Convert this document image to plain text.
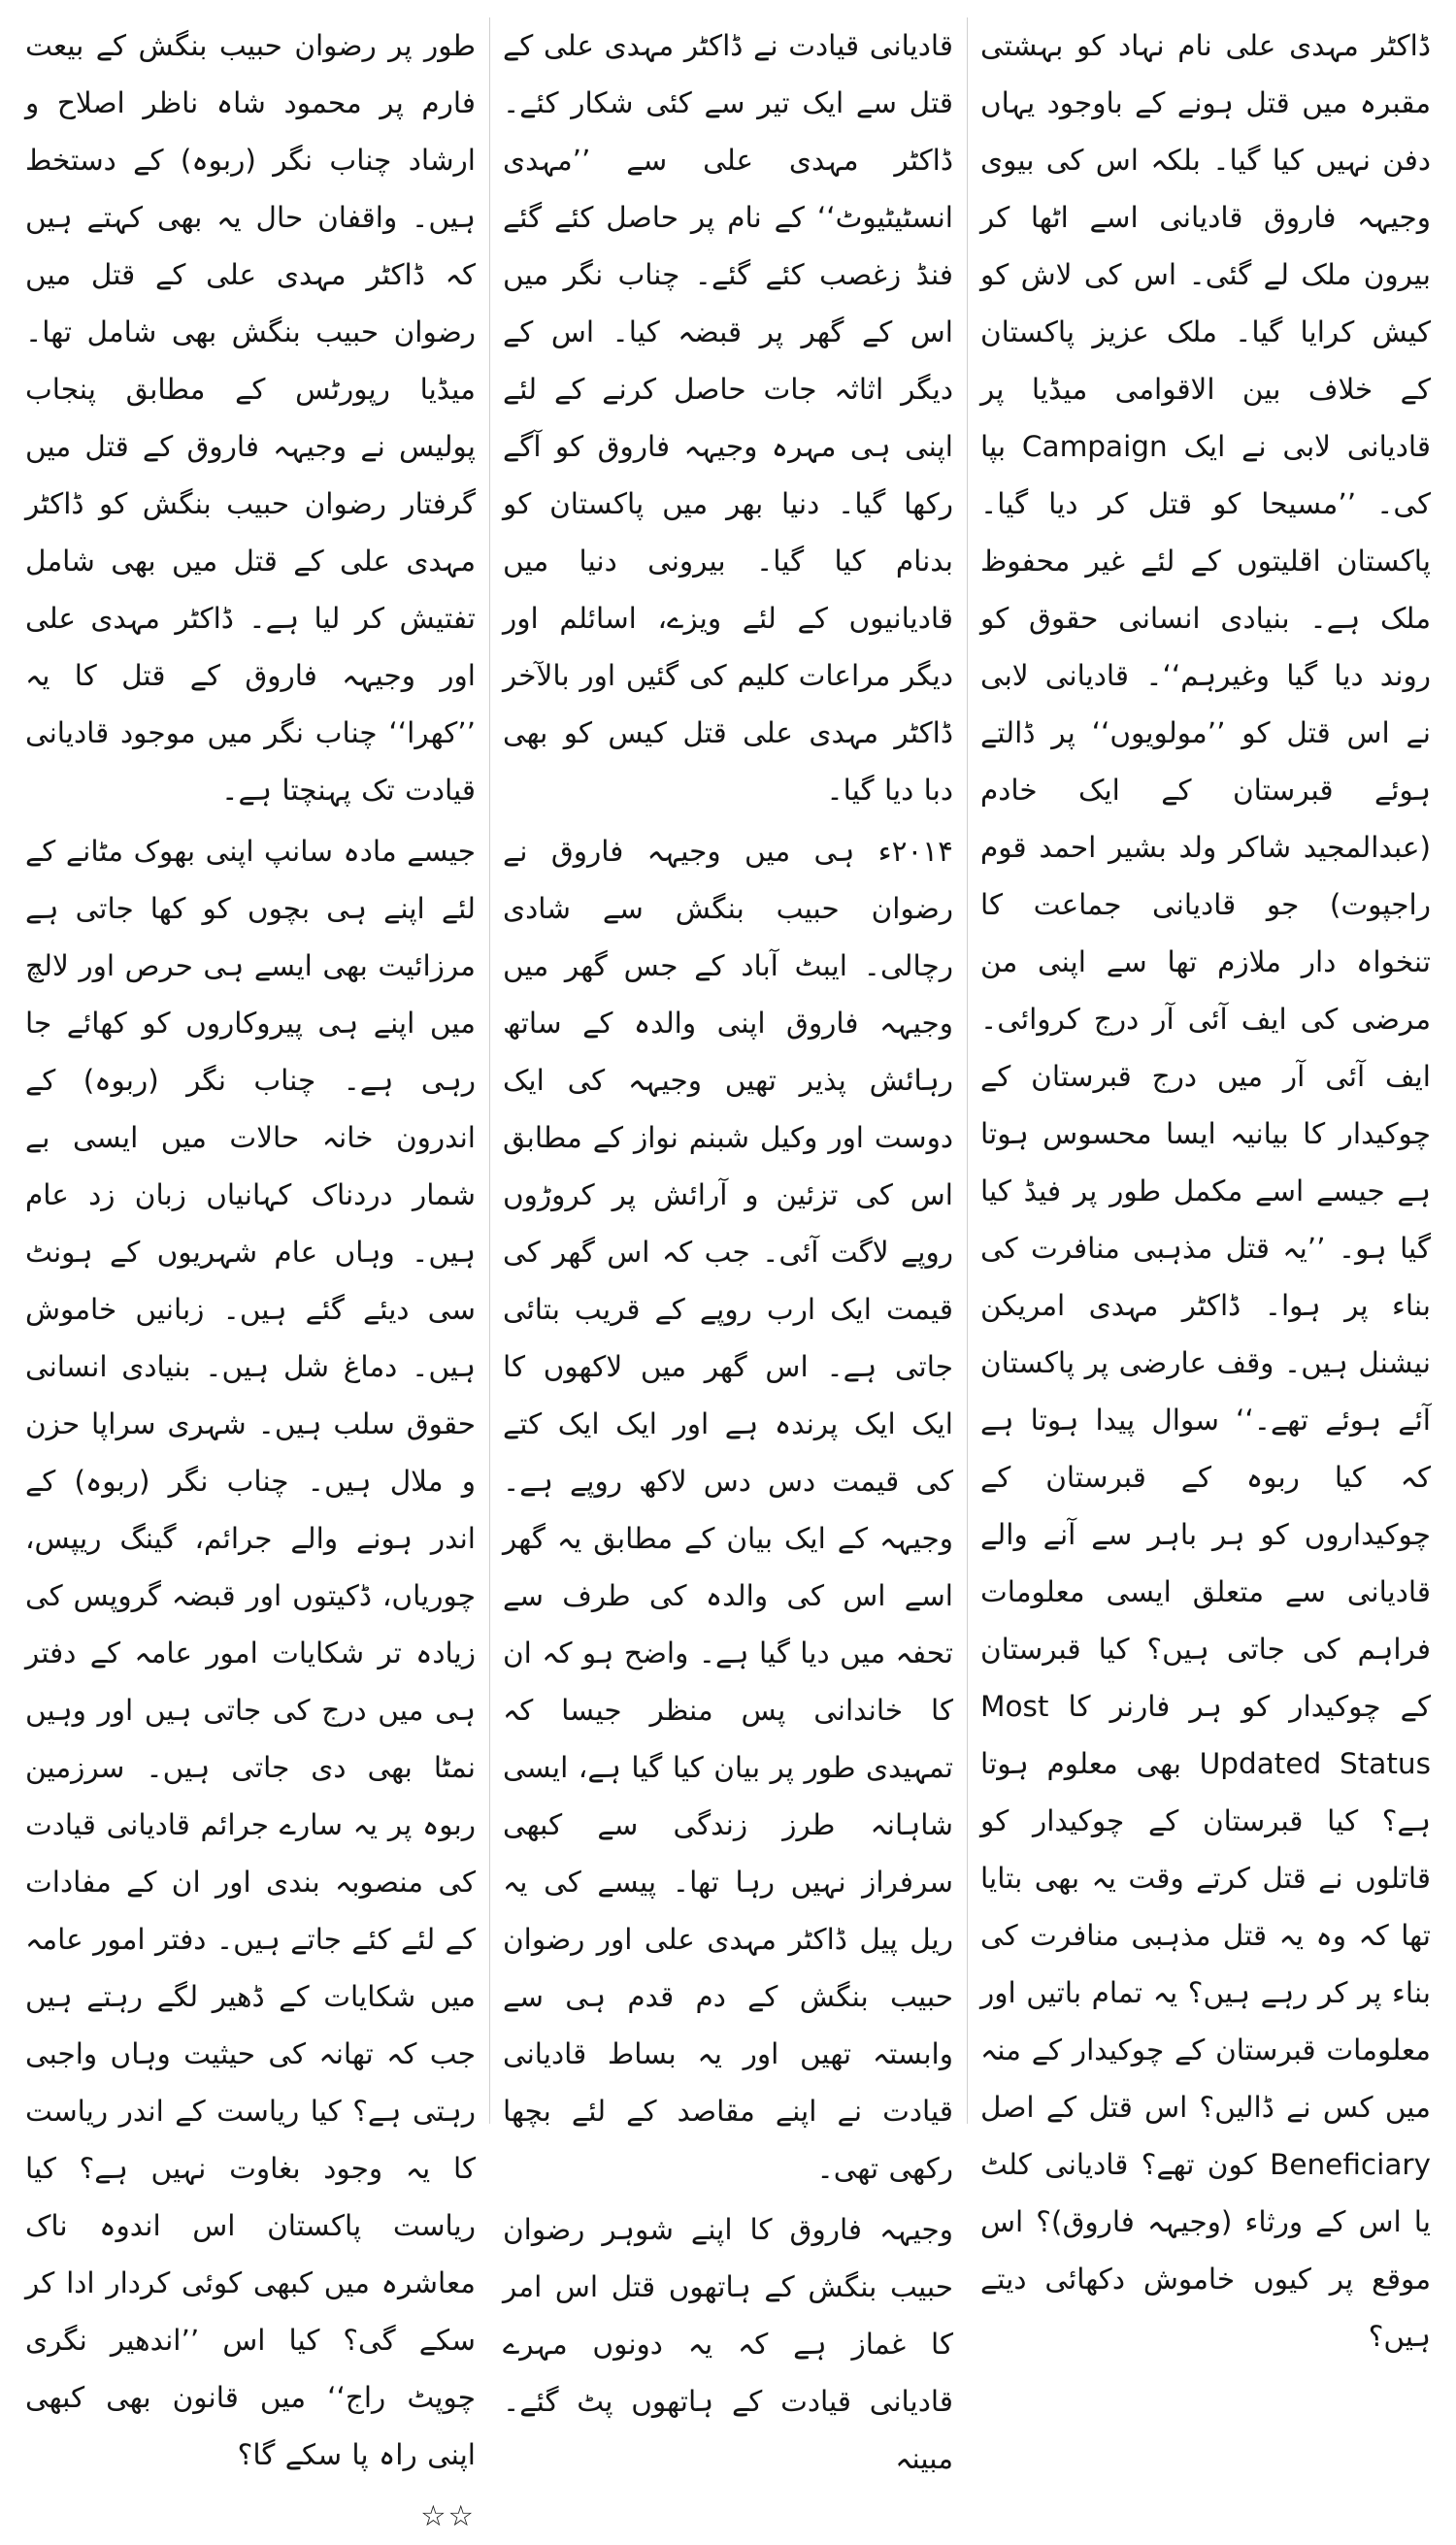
ڈاکٹر مہدی علی نام نہاد کو بہشتی مقبرہ میں قتل ہونے کے باوجود یہاں دفن نہیں کیا گیا۔ بلکہ اس کی بیوی وجیہہ فاروق قادیانی اسے اٹھا کر بیرون ملک لے گئی۔ اس کی لاش کو کیش کرایا گیا۔ ملک عزیز پاکستان کے خلاف بین الاقوامی میڈیا پر قادیانی لابی نے ایک Campaign بپا کی۔ ’’مسیحا کو قتل کر دیا گیا۔ پاکستان اقلیتوں کے لئے غیر محفوظ ملک ہے۔ بنیادی انسانی حقوق کو روند دیا گیا وغیرہم‘‘۔ قادیانی لابی نے اس قتل کو ’’مولویوں‘‘ پر ڈالتے ہوئے قبرستان کے ایک خادم (عبدالمجید شاکر ولد بشیر احمد قوم راجپوت) جو قادیانی جماعت کا تنخواہ دار ملازم تھا سے اپنی من مرضی کی ایف آئی آر درج کروائی۔ ایف آئی آر میں درج قبرستان کے چوکیدار کا بیانیہ ایسا محسوس ہوتا ہے جیسے اسے مکمل طور پر فیڈ کیا گیا ہو۔ ’’یہ قتل مذہبی منافرت کی بناء پر ہوا۔ ڈاکٹر مہدی امریکن نیشنل ہیں۔ وقف عارضی پر پاکستان آئے ہوئے تھے۔‘‘ سوال پیدا ہوتا ہے کہ کیا ربوہ کے قبرستان کے چوکیداروں کو ہر باہر سے آنے والے قادیانی سے متعلق ایسی معلومات فراہم کی جاتی ہیں؟ کیا قبرستان کے چوکیدار کو ہر فارنر کا Most Updated Status بھی معلوم ہوتا ہے؟ کیا قبرستان کے چوکیدار کو قاتلوں نے قتل کرتے وقت یہ بھی بتایا تھا کہ وہ یہ قتل مذہبی منافرت کی بناء پر کر رہے ہیں؟ یہ تمام باتیں اور معلومات قبرستان کے چوکیدار کے منہ میں کس نے ڈالیں؟ اس قتل کے اصل Beneficiary کون تھے؟ قادیانی کلٹ یا اس کے ورثاء (وجیہہ فاروق)؟ اس موقع پر کیوں خاموش دکھائی دیتے ہیں؟

قادیانی قیادت نے ڈاکٹر مہدی علی کے قتل سے ایک تیر سے کئی شکار کئے۔ ڈاکٹر مہدی علی سے ’’مہدی انسٹیٹیوٹ‘‘ کے نام پر حاصل کئے گئے فنڈ زغصب کئے گئے۔ چناب نگر میں اس کے گھر پر قبضہ کیا۔ اس کے دیگر اثاثہ جات حاصل کرنے کے لئے اپنی ہی مہرہ وجیہہ فاروق کو آگے رکھا گیا۔ دنیا بھر میں پاکستان کو بدنام کیا گیا۔ بیرونی دنیا میں قادیانیوں کے لئے ویزے، اسائلم اور دیگر مراعات کلیم کی گئیں اور بالآخر ڈاکٹر مہدی علی قتل کیس کو بھی دبا دیا گیا۔

۲۰۱۴ء ہی میں وجیہہ فاروق نے رضوان حبیب بنگش سے شادی رچالی۔ ایبٹ آباد کے جس گھر میں وجیہہ فاروق اپنی والدہ کے ساتھ رہائش پذیر تھیں وجیہہ کی ایک دوست اور وکیل شبنم نواز کے مطابق اس کی تزئین و آرائش پر کروڑوں روپے لاگت آئی۔ جب کہ اس گھر کی قیمت ایک ارب روپے کے قریب بتائی جاتی ہے۔ اس گھر میں لاکھوں کا ایک ایک پرندہ ہے اور ایک ایک کتے کی قیمت دس دس لاکھ روپے ہے۔ وجیہہ کے ایک بیان کے مطابق یہ گھر اسے اس کی والدہ کی طرف سے تحفہ میں دیا گیا ہے۔ واضح ہو کہ ان کا خاندانی پس منظر جیسا کہ تمہیدی طور پر بیان کیا گیا ہے، ایسی شاہانہ طرز زندگی سے کبھی سرفراز نہیں رہا تھا۔ پیسے کی یہ ریل پیل ڈاکٹر مہدی علی اور رضوان حبیب بنگش کے دم قدم ہی سے وابستہ تھیں اور یہ بساط قادیانی قیادت نے اپنے مقاصد کے لئے بچھا رکھی تھی۔

وجیہہ فاروق کا اپنے شوہر رضوان حبیب بنگش کے ہاتھوں قتل اس امر کا غماز ہے کہ یہ دونوں مہرے قادیانی قیادت کے ہاتھوں پٹ گئے۔ مبینہ

طور پر رضوان حبیب بنگش کے بیعت فارم پر محمود شاہ ناظر اصلاح و ارشاد چناب نگر (ربوہ) کے دستخط ہیں۔ واقفان حال یہ بھی کہتے ہیں کہ ڈاکٹر مہدی علی کے قتل میں رضوان حبیب بنگش بھی شامل تھا۔ میڈیا رپورٹس کے مطابق پنجاب پولیس نے وجیہہ فاروق کے قتل میں گرفتار رضوان حبیب بنگش کو ڈاکٹر مہدی علی کے قتل میں بھی شامل تفتیش کر لیا ہے۔ ڈاکٹر مہدی علی اور وجیہہ فاروق کے قتل کا یہ ’’کھرا‘‘ چناب نگر میں موجود قادیانی قیادت تک پہنچتا ہے۔

جیسے مادہ سانپ اپنی بھوک مٹانے کے لئے اپنے ہی بچوں کو کھا جاتی ہے مرزائیت بھی ایسے ہی حرص اور لالچ میں اپنے ہی پیروکاروں کو کھائے جا رہی ہے۔ چناب نگر (ربوہ) کے اندرون خانہ حالات میں ایسی بے شمار دردناک کہانیاں زبان زد عام ہیں۔ وہاں عام شہریوں کے ہونٹ سی دیئے گئے ہیں۔ زبانیں خاموش ہیں۔ دماغ شل ہیں۔ بنیادی انسانی حقوق سلب ہیں۔ شہری سراپا حزن و ملال ہیں۔ چناب نگر (ربوہ) کے اندر ہونے والے جرائم، گینگ ریپس، چوریاں، ڈکیتوں اور قبضہ گروپس کی زیادہ تر شکایات امور عامہ کے دفتر ہی میں درج کی جاتی ہیں اور وہیں نمٹا بھی دی جاتی ہیں۔ سرزمین ربوہ پر یہ سارے جرائم قادیانی قیادت کی منصوبہ بندی اور ان کے مفادات کے لئے کئے جاتے ہیں۔ دفتر امور عامہ میں شکایات کے ڈھیر لگے رہتے ہیں جب کہ تھانہ کی حیثیت وہاں واجبی رہتی ہے؟ کیا ریاست کے اندر ریاست کا یہ وجود بغاوت نہیں ہے؟ کیا ریاست پاکستان اس اندوہ ناک معاشرہ میں کبھی کوئی کردار ادا کر سکے گی؟ کیا اس ’’اندھیر نگری چوپٹ راج‘‘ میں قانون بھی کبھی اپنی راہ پا سکے گا؟

☆☆
